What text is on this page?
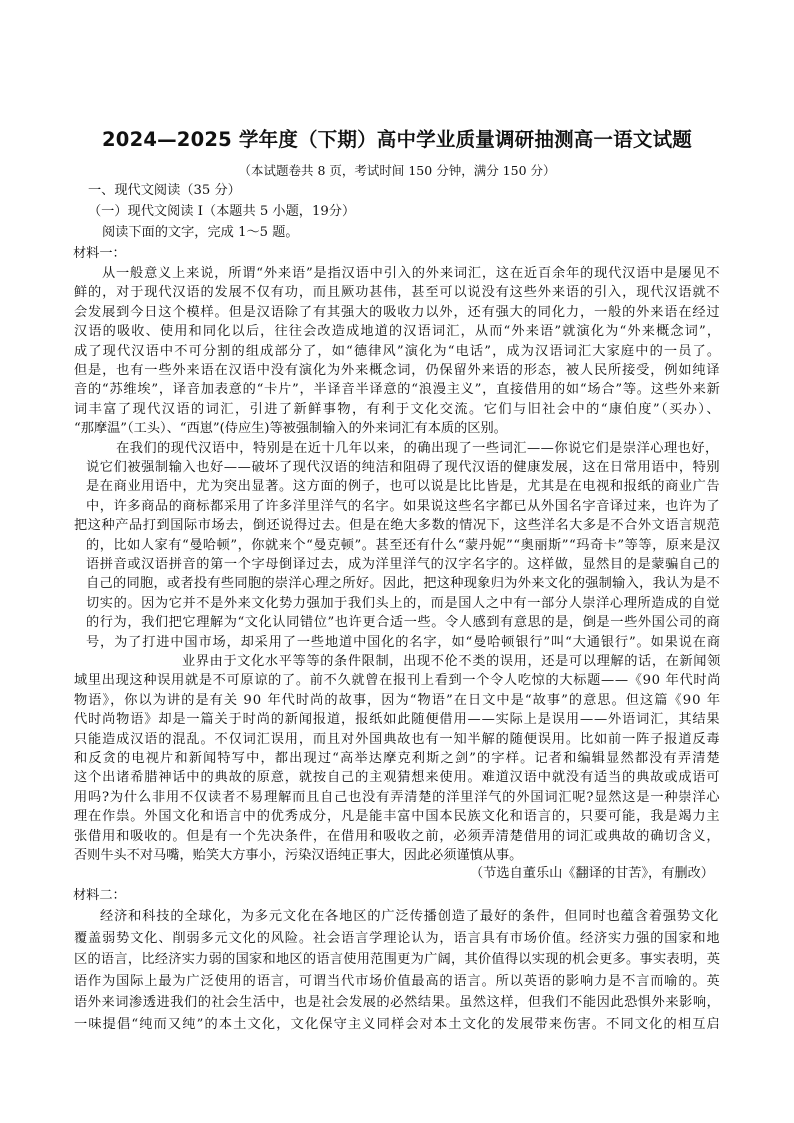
2024—2025 学年度（下期）高中学业质量调研抽测高一语文试题
（本试题卷共 8 页，考试时间 150 分钟，满分 150 分）
一、现代文阅读（35 分）
（一）现代文阅读 I（本题共 5 小题，19分）
阅读下面的文字，完成 1～5 题。
材料一：
从一般意义上来说，所谓“外来语”是指汉语中引入的外来词汇，这在近百余年的现代汉语中是屡见不
鲜的，对于现代汉语的发展不仅有功，而且厥功甚伟，甚至可以说没有这些外来语的引入，现代汉语就不
会发展到今日这个模样。但是汉语除了有其强大的吸收力以外，还有强大的同化力，一般的外来语在经过
汉语的吸收、使用和同化以后，往往会改造成地道的汉语词汇，从而“外来语”就演化为“外来概念词”，
成了现代汉语中不可分割的组成部分了，如“德律风”演化为“电话”，成为汉语词汇大家庭中的一员了。
但是，也有一些外来语在汉语中没有演化为外来概念词，仍保留外来语的形态，被人民所接受，例如纯译
音的“苏维埃”，译音加表意的“卡片”，半译音半译意的“浪漫主义”，直接借用的如“场合”等。这些外来新
词丰富了现代汉语的词汇，引进了新鲜事物，有利于文化交流。它们与旧社会中的“康伯度”（买办）、
“那摩温”（工头）、“西崽”(侍应生)等被强制输入的外来词汇有本质的区别。
在我们的现代汉语中，特别是在近十几年以来，的确出现了一些词汇——你说它们是崇洋心理也好，
说它们被强制输入也好——破坏了现代汉语的纯洁和阻碍了现代汉语的健康发展，这在日常用语中，特别
是在商业用语中，尤为突出显著。这方面的例子，也可以说是比比皆是，尤其是在电视和报纸的商业广告
中，许多商品的商标都采用了许多洋里洋气的名字。如果说这些名字都已从外国名字音译过来，也许为了
把这种产品打到国际市场去，倒还说得过去。但是在绝大多数的情况下，这些洋名大多是不合外文语言规范
的，比如人家有“曼哈顿”，你就来个“曼克顿”。甚至还有什么“蒙丹妮”“奥丽斯”“玛奇卡”等等，原来是汉
语拼音或汉语拼音的第一个字母倒译过去，成为洋里洋气的汉字名字的。这样做，显然目的是蒙骗自己的
自己的同胞，或者投有些同胞的崇洋心理之所好。因此，把这种现象归为外来文化的强制输入，我认为是不
切实的。因为它并不是外来文化势力强加于我们头上的，而是国人之中有一部分人崇洋心理所造成的自觉
的行为，我们把它理解为“文化认同错位”也许更合适一些。令人感到有意思的是，倒是一些外国公司的商
号，为了打进中国市场，却采用了一些地道中国化的名字，如“曼哈顿银行”叫“大通银行”。如果说在商
业界由于文化水平等等的条件限制，出现不伦不类的误用，还是可以理解的话，在新闻领
域里出现这种误用就是不可原谅的了。前不久就曾在报刊上看到一个令人吃惊的大标题——《90 年代时尚
物语》，你以为讲的是有关 90 年代时尚的故事，因为“物语”在日文中是“故事”的意思。但这篇《90 年
代时尚物语》却是一篇关于时尚的新闻报道，报纸如此随便借用——实际上是误用——外语词汇，其结果
只能造成汉语的混乱。不仅词汇误用，而且对外国典故也有一知半解的随便误用。比如前一阵子报道反毒
和反贪的电视片和新闻特写中，都出现过“高举达摩克利斯之剑”的字样。记者和编辑显然都没有弄清楚
这个出诸希腊神话中的典故的原意，就按自己的主观猜想来使用。难道汉语中就没有适当的典故或成语可
用吗?为什么非用不仅读者不易理解而且自己也没有弄清楚的洋里洋气的外国词汇呢?显然这是一种崇洋心
理在作祟。外国文化和语言中的优秀成分，凡是能丰富中国本民族文化和语言的，只要可能，我是竭力主
张借用和吸收的。但是有一个先决条件，在借用和吸收之前，必须弄清楚借用的词汇或典故的确切含义，
否则牛头不对马嘴，贻笑大方事小，污染汉语纯正事大，因此必须谨慎从事。
（节选自董乐山《翻译的甘苦》，有删改）
材料二：
经济和科技的全球化，为多元文化在各地区的广泛传播创造了最好的条件，但同时也蕴含着强势文化
覆盖弱势文化、削弱多元文化的风险。社会语言学理论认为，语言具有市场价值。经济实力强的国家和地
区的语言，比经济实力弱的国家和地区的语言使用范围更为广阔，其价值得以实现的机会更多。事实表明，英
语作为国际上最为广泛使用的语言，可谓当代市场价值最高的语言。所以英语的影响力是不言而喻的。英
语外来词渗透进我们的社会生活中，也是社会发展的必然结果。虽然这样，但我们不能因此恐惧外来影响，
一味提倡“纯而又纯”的本土文化，文化保守主义同样会对本土文化的发展带来伤害。不同文化的相互启
